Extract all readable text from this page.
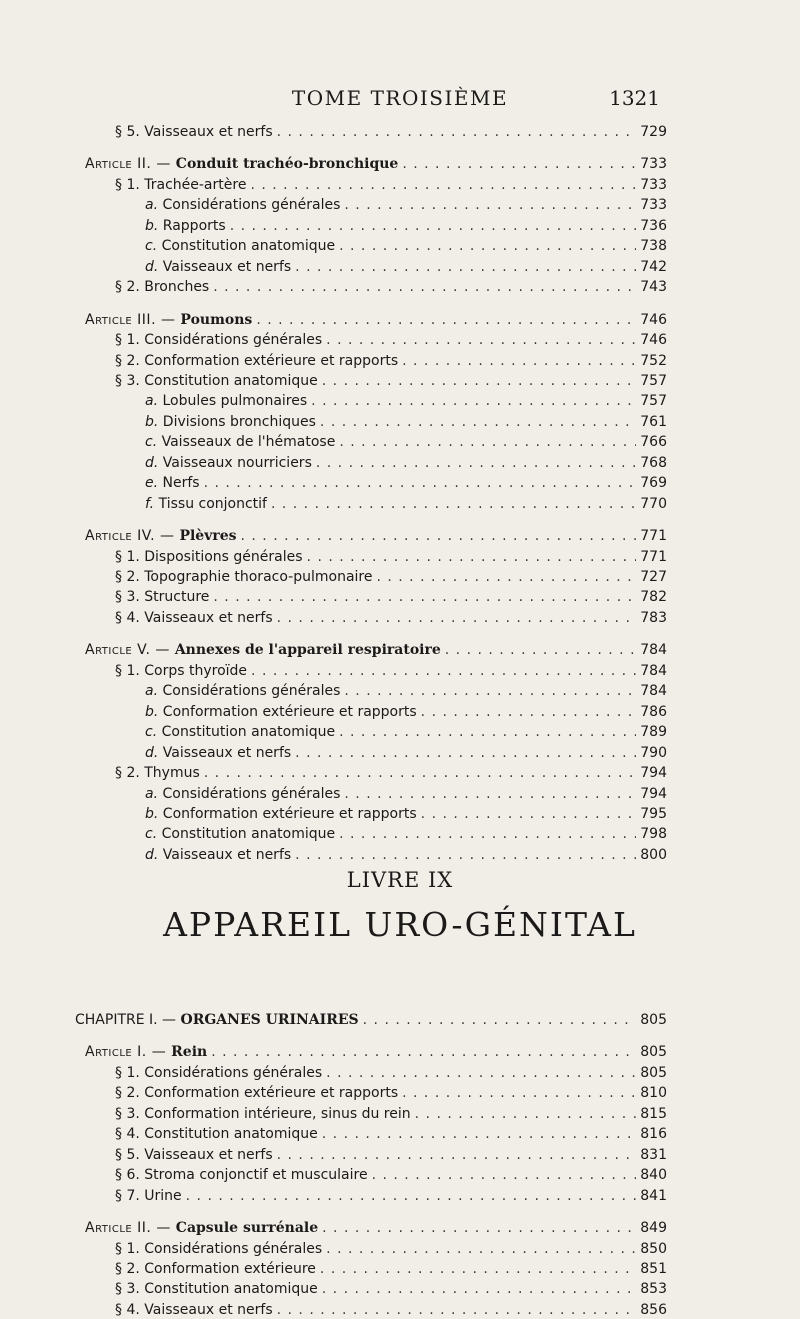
TOME TROISIÈME	1321
§ 5. Vaisseaux et nerfs . . .	729
Article II. — Conduit trachéo-bronchique . . .	733
§ 1. Trachée-artère . . .	733
a. Considérations générales . . .	733
b. Rapports . . .	736
c. Constitution anatomique . . .	738
d. Vaisseaux et nerfs . . .	742
§ 2. Bronches . . .	743
Article III. — Poumons . . .	746
§ 1. Considérations générales . . .	746
§ 2. Conformation extérieure et rapports . . .	752
§ 3. Constitution anatomique . . .	757
a. Lobules pulmonaires . . .	757
b. Divisions bronchiques . . .	761
c. Vaisseaux de l'hématose . . .	766
d. Vaisseaux nourriciers . . .	768
e. Nerfs . . .	769
f. Tissu conjonctif . . .	770
Article IV. — Plèvres . . .	771
§ 1. Dispositions générales . . .	771
§ 2. Topographie thoraco-pulmonaire . . .	727
§ 3. Structure . . .	782
§ 4. Vaisseaux et nerfs . . .	783
Article V. — Annexes de l'appareil respiratoire . . .	784
§ 1. Corps thyroïde . . .	784
a. Considérations générales . . .	784
b. Conformation extérieure et rapports . . .	786
c. Constitution anatomique . . .	789
d. Vaisseaux et nerfs . . .	790
§ 2. Thymus . . .	794
a. Considérations générales . . .	794
b. Conformation extérieure et rapports . . .	795
c. Constitution anatomique . . .	798
d. Vaisseaux et nerfs . . .	800
LIVRE IX
APPAREIL URO-GÉNITAL
CHAPITRE I. — ORGANES URINAIRES . . .	805
Article I. — Rein . . .	805
§ 1. Considérations générales . . .	805
§ 2. Conformation extérieure et rapports . . .	810
§ 3. Conformation intérieure, sinus du rein . . .	815
§ 4. Constitution anatomique . . .	816
§ 5. Vaisseaux et nerfs . . .	831
§ 6. Stroma conjonctif et musculaire . . .	840
§ 7. Urine . . .	841
Article II. — Capsule surrénale . . .	849
§ 1. Considérations générales . . .	850
§ 2. Conformation extérieure . . .	851
§ 3. Constitution anatomique . . .	853
§ 4. Vaisseaux et nerfs . . .	856
